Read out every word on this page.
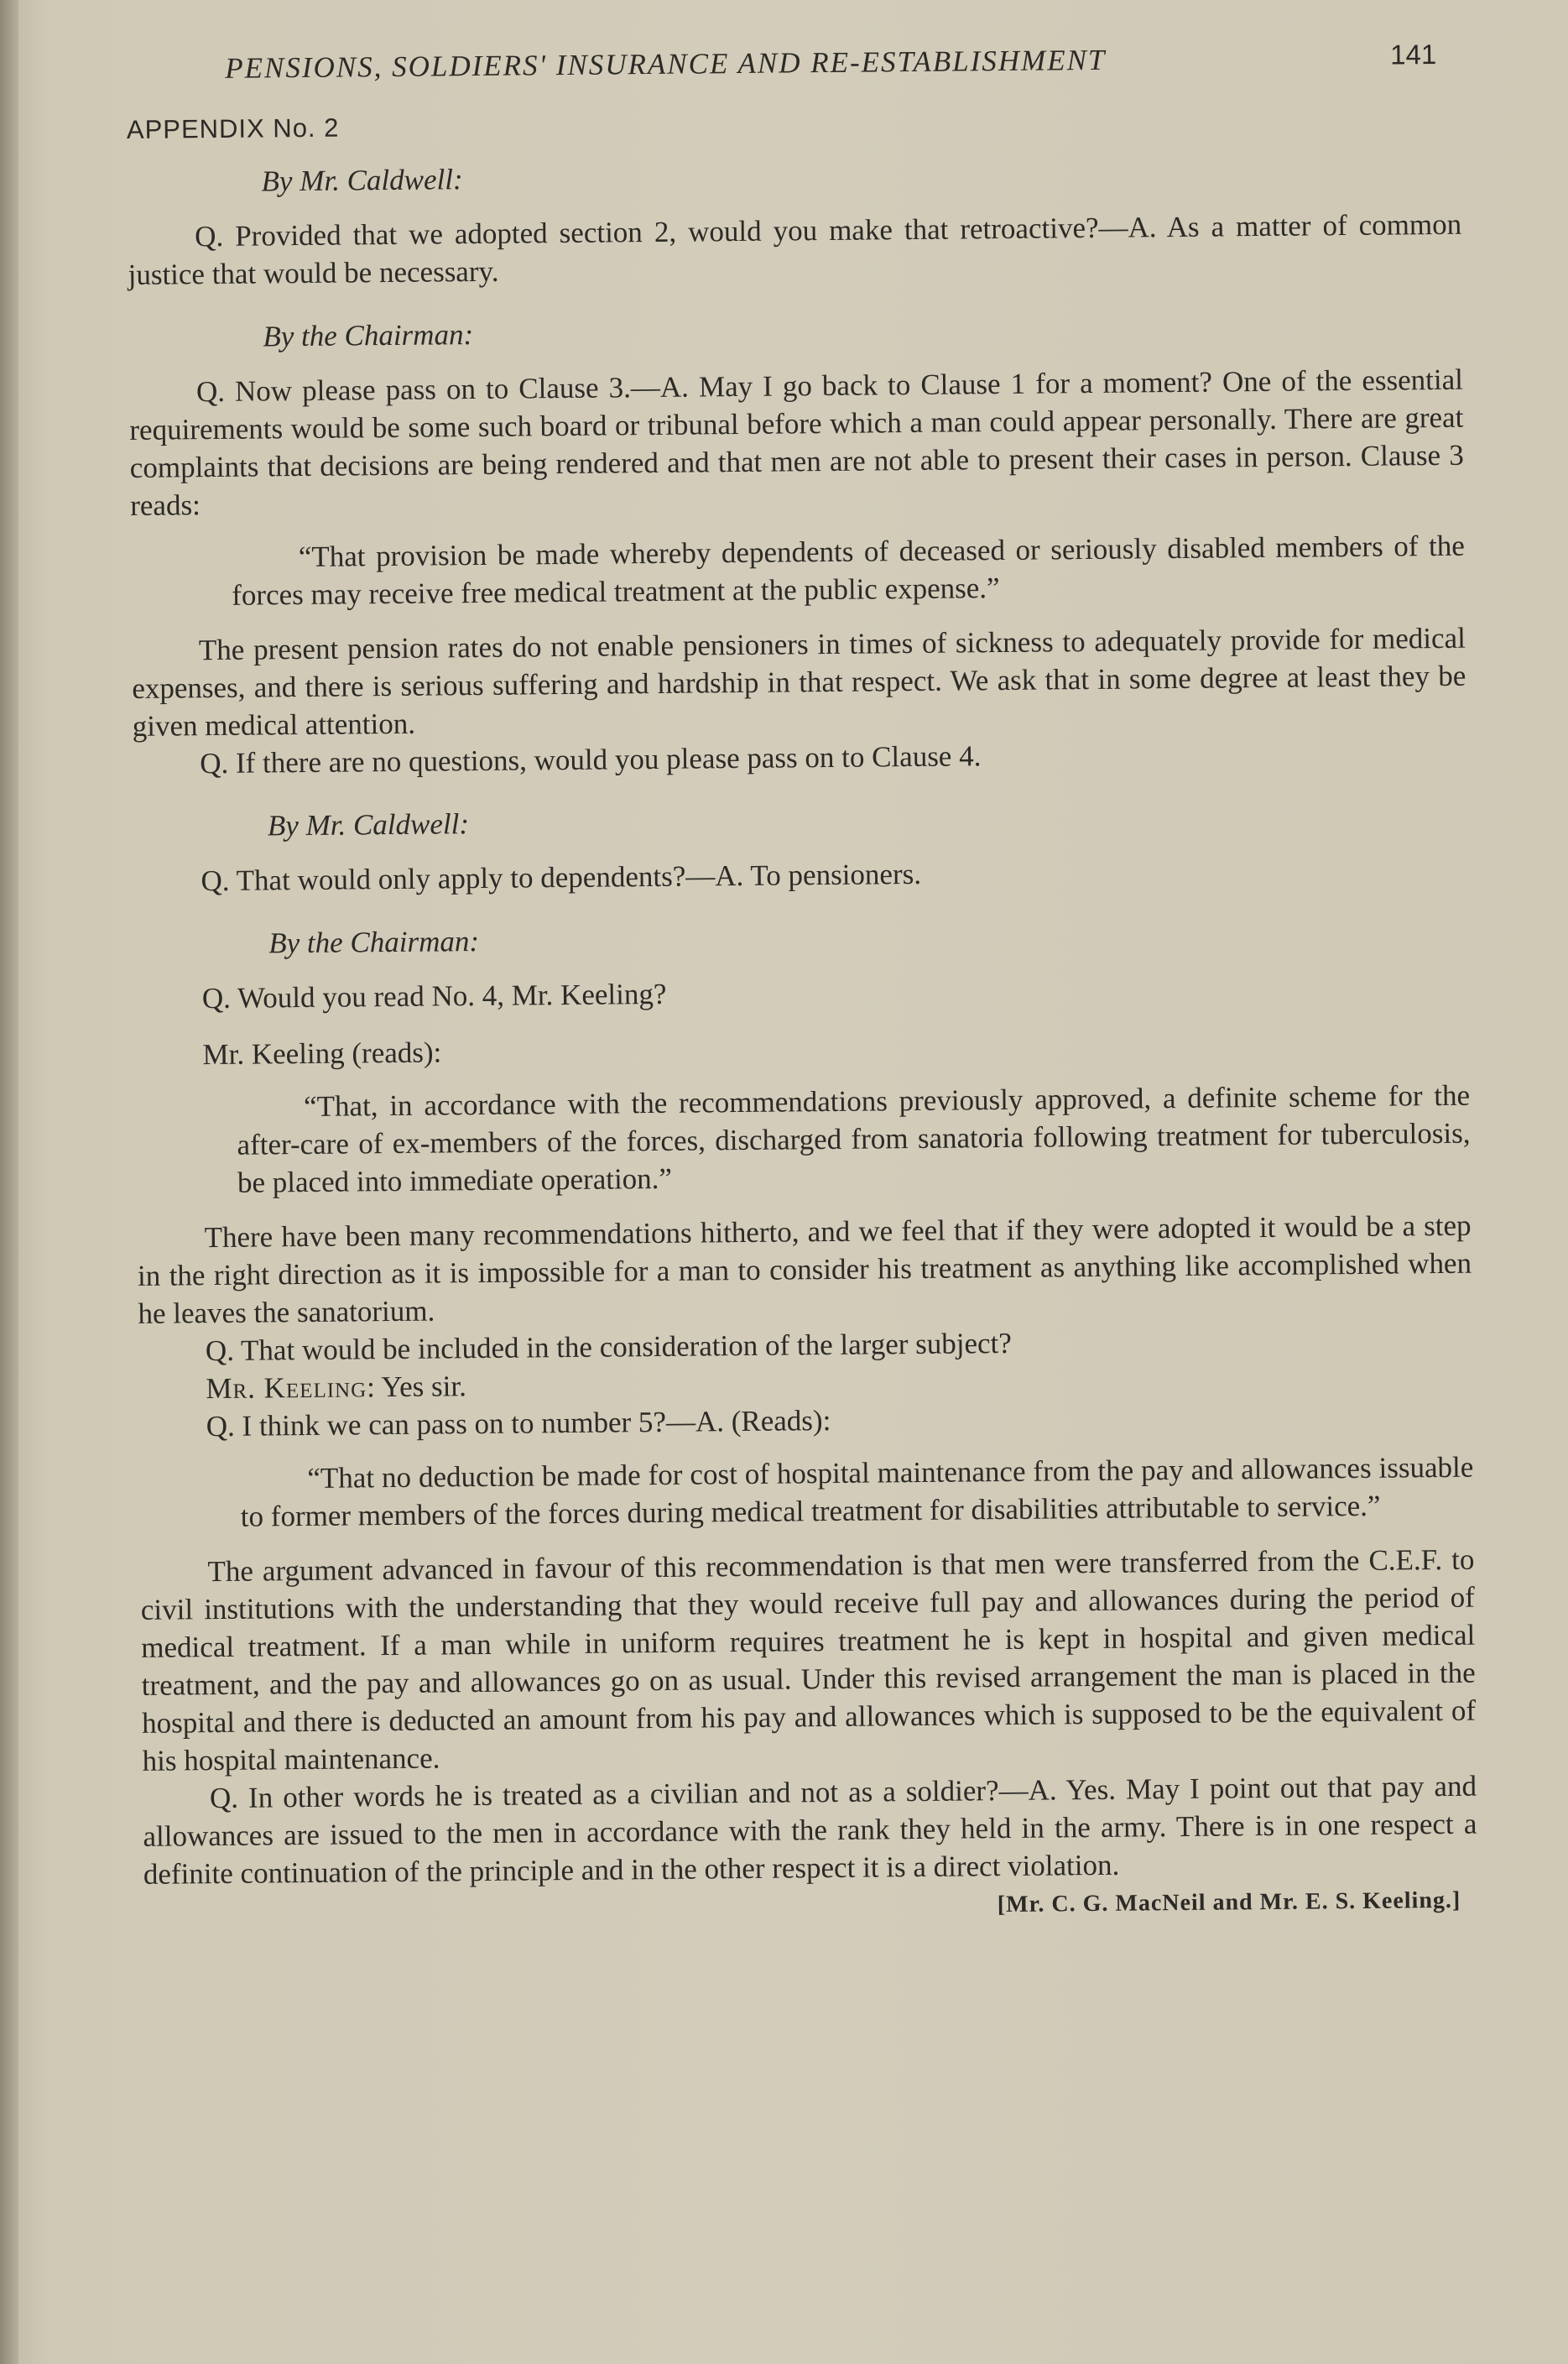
PENSIONS, SOLDIERS' INSURANCE AND RE-ESTABLISHMENT	141
APPENDIX No. 2
By Mr. Caldwell:

Q. Provided that we adopted section 2, would you make that retroactive?—A. As a matter of common justice that would be necessary.

By the Chairman:

Q. Now please pass on to Clause 3.—A. May I go back to Clause 1 for a moment? One of the essential requirements would be some such board or tribunal before which a man could appear personally. There are great complaints that decisions are being rendered and that men are not able to present their cases in person. Clause 3 reads:

“That provision be made whereby dependents of deceased or seriously disabled members of the forces may receive free medical treatment at the public expense.”

The present pension rates do not enable pensioners in times of sickness to adequately provide for medical expenses, and there is serious suffering and hardship in that respect. We ask that in some degree at least they be given medical attention.

Q. If there are no questions, would you please pass on to Clause 4.

By Mr. Caldwell:

Q. That would only apply to dependents?—A. To pensioners.

By the Chairman:

Q. Would you read No. 4, Mr. Keeling?

Mr. Keeling (reads):

“That, in accordance with the recommendations previously approved, a definite scheme for the after-care of ex-members of the forces, discharged from sanatoria following treatment for tuberculosis, be placed into immediate operation.”

There have been many recommendations hitherto, and we feel that if they were adopted it would be a step in the right direction as it is impossible for a man to consider his treatment as anything like accomplished when he leaves the sanatorium.

Q. That would be included in the consideration of the larger subject?

Mr. Keeling: Yes sir.

Q. I think we can pass on to number 5?—A. (Reads):

“That no deduction be made for cost of hospital maintenance from the pay and allowances issuable to former members of the forces during medical treatment for disabilities attributable to service.”

The argument advanced in favour of this recommendation is that men were transferred from the C.E.F. to civil institutions with the understanding that they would receive full pay and allowances during the period of medical treatment. If a man while in uniform requires treatment he is kept in hospital and given medical treatment, and the pay and allowances go on as usual. Under this revised arrangement the man is placed in the hospital and there is deducted an amount from his pay and allowances which is supposed to be the equivalent of his hospital maintenance.

Q. In other words he is treated as a civilian and not as a soldier?—A. Yes. May I point out that pay and allowances are issued to the men in accordance with the rank they held in the army. There is in one respect a definite continuation of the principle and in the other respect it is a direct violation.

[Mr. C. G. MacNeil and Mr. E. S. Keeling.]
